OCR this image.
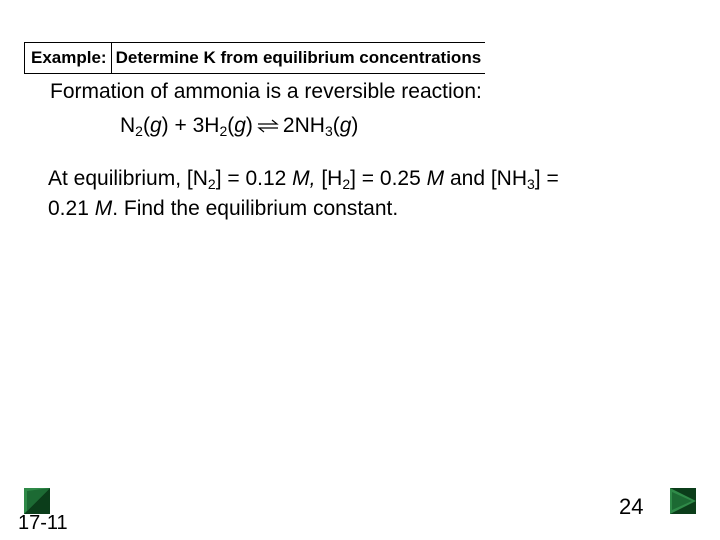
Example: Determine K from equilibrium concentrations
Formation of ammonia is a reversible reaction:
$N_2(g) + 3H_2(g)$ ⇌ $2NH_3(g)$
At equilibrium, $[N_2] = 0.12$ M, $[H_2] = 0.25$ M and $[NH_3]$ =
0.21 M. Find the equilibrium constant.
17-11
24
